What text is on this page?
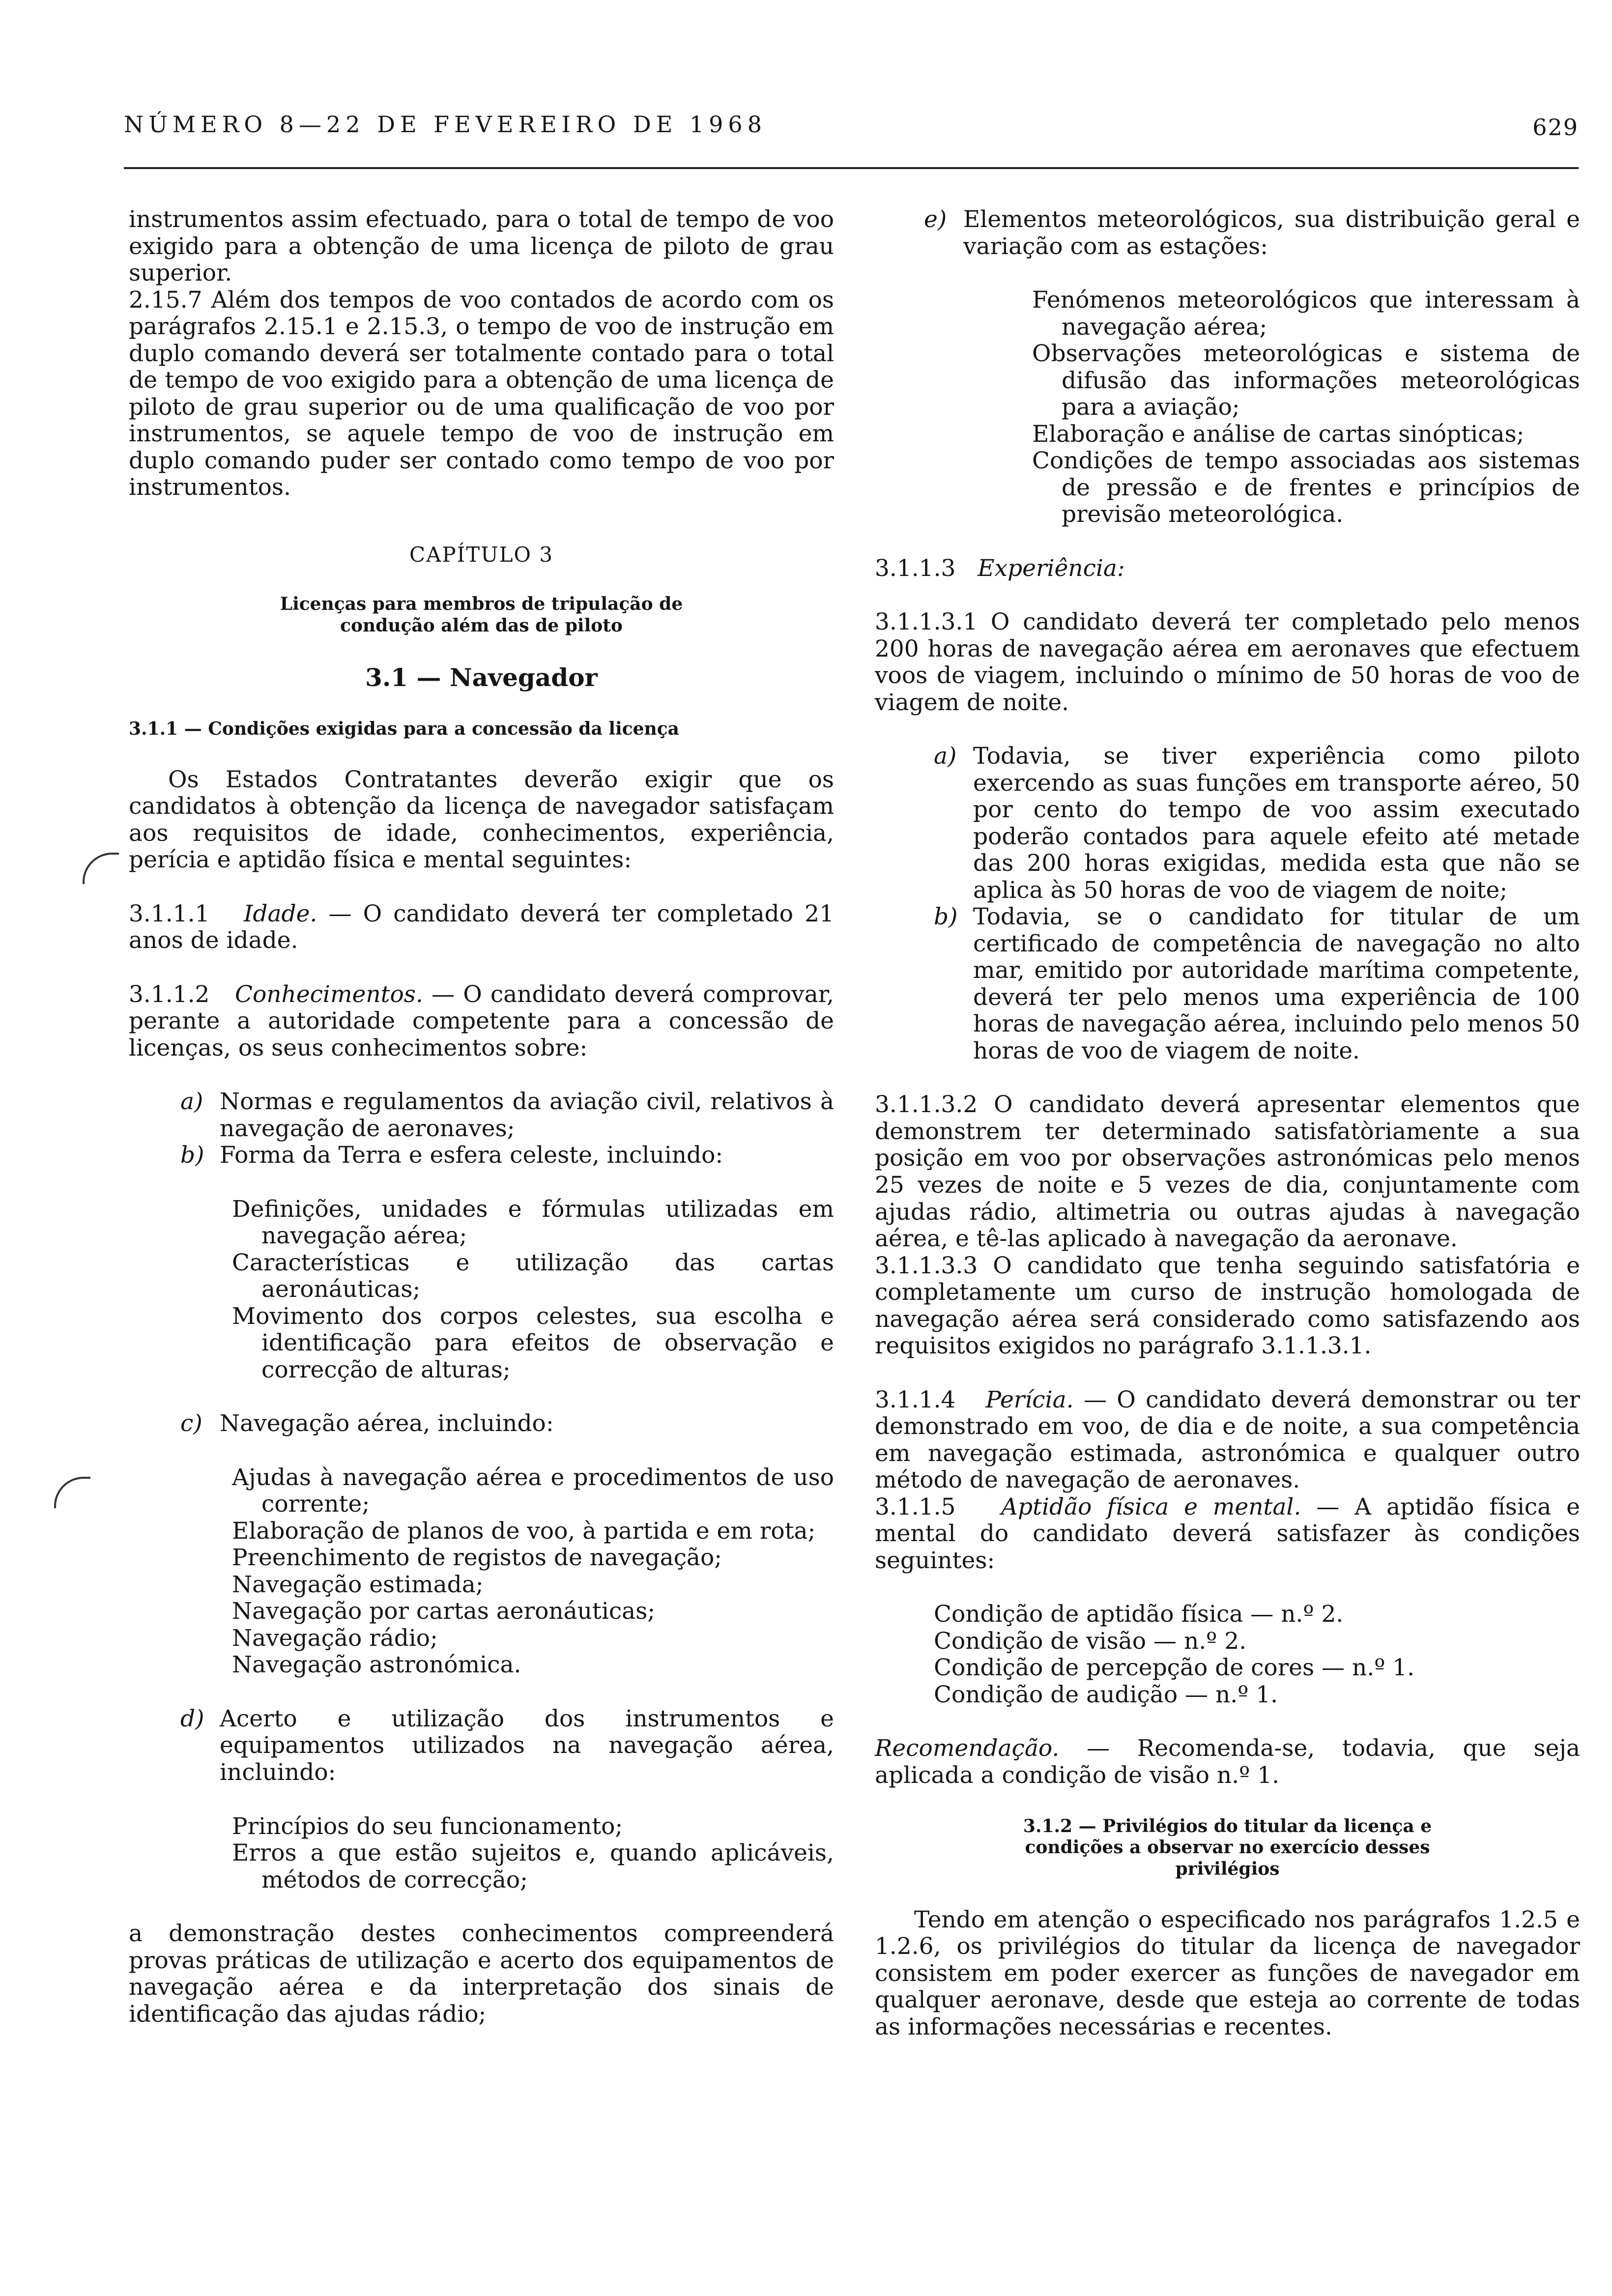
NÚMERO 8—22 DE FEVEREIRO DE 1968	629

instrumentos assim efectuado, para o total de tempo de voo exigido para a obtenção de uma licença de piloto de grau superior.

2.15.7 Além dos tempos de voo contados de acordo com os parágrafos 2.15.1 e 2.15.3, o tempo de voo de instrução em duplo comando deverá ser totalmente contado para o total de tempo de voo exigido para a obtenção de uma licença de piloto de grau superior ou de uma qualificação de voo por instrumentos, se aquele tempo de voo de instrução em duplo comando puder ser contado como tempo de voo por instrumentos.

CAPÍTULO 3

Licenças para membros de tripulação de condução além das de piloto

3.1 — Navegador

3.1.1 — Condições exigidas para a concessão da licença

Os Estados Contratantes deverão exigir que os candidatos à obtenção da licença de navegador satisfaçam aos requisitos de idade, conhecimentos, experiência, perícia e aptidão física e mental seguintes:

3.1.1.1 Idade. — O candidato deverá ter completado 21 anos de idade.

3.1.1.2 Conhecimentos. — O candidato deverá comprovar, perante a autoridade competente para a concessão de licenças, os seus conhecimentos sobre:

a) Normas e regulamentos da aviação civil, relativos à navegação de aeronaves;
b) Forma da Terra e esfera celeste, incluindo:

Definições, unidades e fórmulas utilizadas em navegação aérea;

Características e utilização das cartas aeronáuticas;

Movimento dos corpos celestes, sua escolha e identificação para efeitos de observação e correcção de alturas;

c) Navegação aérea, incluindo:

Ajudas à navegação aérea e procedimentos de uso corrente;

Elaboração de planos de voo, à partida e em rota;

Preenchimento de registos de navegação;

Navegação estimada;

Navegação por cartas aeronáuticas;

Navegação rádio;

Navegação astronómica.

d) Acerto e utilização dos instrumentos e equipamentos utilizados na navegação aérea, incluindo:

Princípios do seu funcionamento;

Erros a que estão sujeitos e, quando aplicáveis, métodos de correcção;

a demonstração destes conhecimentos compreenderá provas práticas de utilização e acerto dos equipamentos de navegação aérea e da interpretação dos sinais de identificação das ajudas rádio;

e) Elementos meteorológicos, sua distribuição geral e variação com as estações:

Fenómenos meteorológicos que interessam à navegação aérea;

Observações meteorológicas e sistema de difusão das informações meteorológicas para a aviação;

Elaboração e análise de cartas sinópticas;

Condições de tempo associadas aos sistemas de pressão e de frentes e princípios de previsão meteorológica.

3.1.1.3 Experiência:

3.1.1.3.1 O candidato deverá ter completado pelo menos 200 horas de navegação aérea em aeronaves que efectuem voos de viagem, incluindo o mínimo de 50 horas de voo de viagem de noite.

a) Todavia, se tiver experiência como piloto exercendo as suas funções em transporte aéreo, 50 por cento do tempo de voo assim executado poderão contados para aquele efeito até metade das 200 horas exigidas, medida esta que não se aplica às 50 horas de voo de viagem de noite;
b) Todavia, se o candidato for titular de um certificado de competência de navegação no alto mar, emitido por autoridade marítima competente, deverá ter pelo menos uma experiência de 100 horas de navegação aérea, incluindo pelo menos 50 horas de voo de viagem de noite.

3.1.1.3.2 O candidato deverá apresentar elementos que demonstrem ter determinado satisfatòriamente a sua posição em voo por observações astronómicas pelo menos 25 vezes de noite e 5 vezes de dia, conjuntamente com ajudas rádio, altimetria ou outras ajudas à navegação aérea, e tê-las aplicado à navegação da aeronave.

3.1.1.3.3 O candidato que tenha seguindo satisfatória e completamente um curso de instrução homologada de navegação aérea será considerado como satisfazendo aos requisitos exigidos no parágrafo 3.1.1.3.1.

3.1.1.4 Perícia. — O candidato deverá demonstrar ou ter demonstrado em voo, de dia e de noite, a sua competência em navegação estimada, astronómica e qualquer outro método de navegação de aeronaves.

3.1.1.5 Aptidão física e mental. — A aptidão física e mental do candidato deverá satisfazer às condições seguintes:

Condição de aptidão física — n.º 2.

Condição de visão — n.º 2.

Condição de percepção de cores — n.º 1.

Condição de audição — n.º 1.

Recomendação. — Recomenda-se, todavia, que seja aplicada a condição de visão n.º 1.

3.1.2 — Privilégios do titular da licença e condições a observar no exercício desses privilégios

Tendo em atenção o especificado nos parágrafos 1.2.5 e 1.2.6, os privilégios do titular da licença de navegador consistem em poder exercer as funções de navegador em qualquer aeronave, desde que esteja ao corrente de todas as informações necessárias e recentes.
